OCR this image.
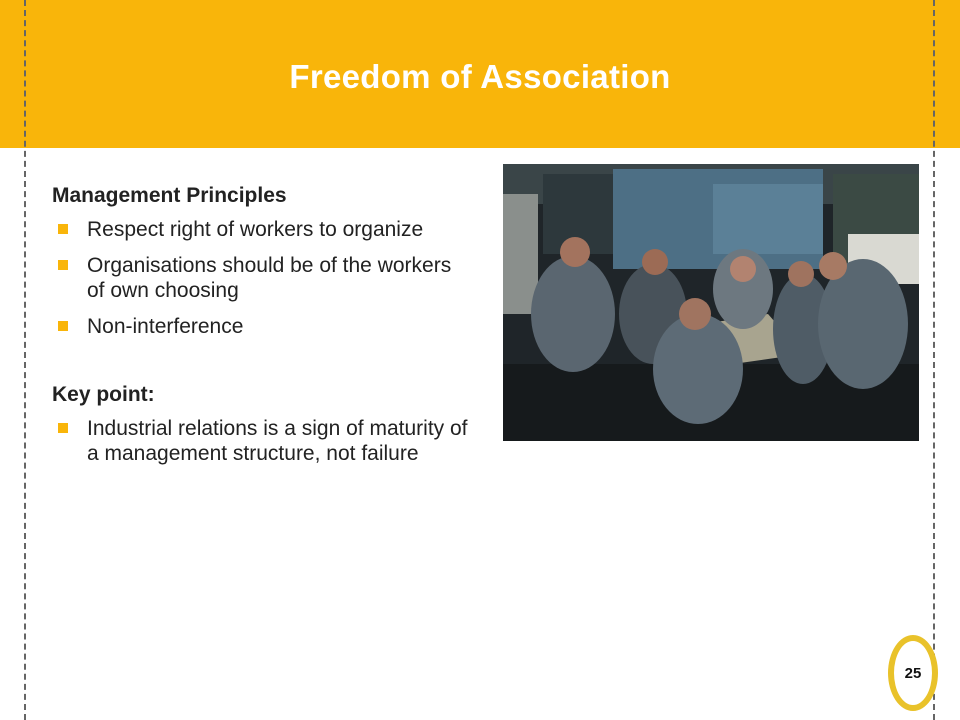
Freedom of Association
Management Principles
Respect right of workers to organize
Organisations should be of the workers of own choosing
Non-interference
Key point:
Industrial relations is a sign of maturity of a management structure, not failure
25
